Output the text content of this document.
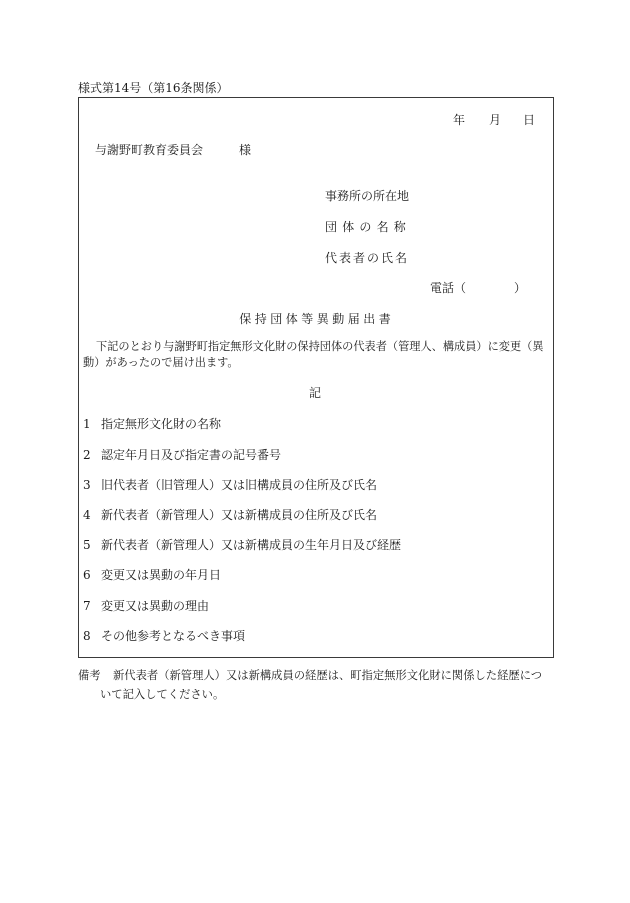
様式第14号（第16条関係）
年 月 日
与謝野町教育委員会	様
事務所の所在地
団体の名称
代表者の氏名
電話（　　　　）
保持団体等異動届出書
下記のとおり与謝野町指定無形文化財の保持団体の代表者（管理人、構成員）に変更（異
動）があったので届け出ます。
記
1 指定無形文化財の名称
2 認定年月日及び指定書の記号番号
3 旧代表者（旧管理人）又は旧構成員の住所及び氏名
4 新代表者（新管理人）又は新構成員の住所及び氏名
5 新代表者（新管理人）又は新構成員の生年月日及び経歴
6 変更又は異動の年月日
7 変更又は異動の理由
8 その他参考となるべき事項
備考 新代表者（新管理人）又は新構成員の経歴は、町指定無形文化財に関係した経歴につ
いて記入してください。
